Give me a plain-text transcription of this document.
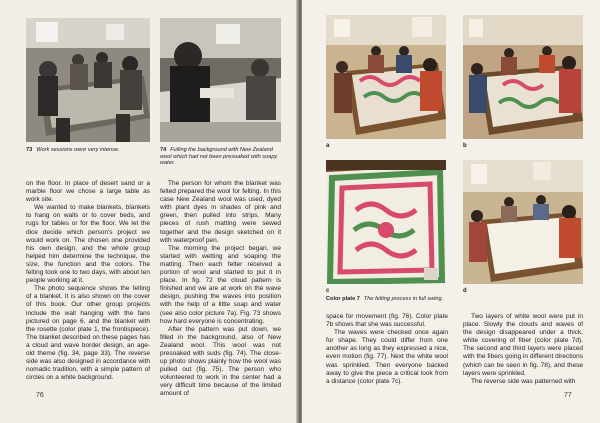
73 Work sessions were very intense.	74 Fulling the background with New Zealand wool which had not been presoaked with soapy water.

on the floor. In place of desert sand or a marble floor we chose a large table as work site.

We wanted to make blankets, blankets to hang on walls or to cover beds, and rugs for tables or for the floor. We let the dice decide which person's project we would work on. The chosen one provided his own design, and the whole group helped him determine the technique, the size, the function and the colors. The felting took one to two days, with about ten people working at it.

The photo sequence shows the felting of a blanket. It is also shown on the cover of this book. Our other group projects include the wall hanging with the fans pictured on page 6, and the blanket with the rosette (color plate 1, the frontispiece). The blanket described on these pages has a cloud and wave border design, an age-old theme (fig. 34, page 33). The reverse side was also designed in accordance with nomadic tradition, with a simple pattern of circles on a white background.

The person for whom the blanket was felted prepared the wool for felting. In this case New Zealand wool was used, dyed with plant dyes in shades of pink and green, then pulled into strips. Many pieces of rush matting were sewed together and the design sketched on it with waterproof pen.

The morning the project began, we started with wetting and soaping the matting. Then each felter received a portion of wool and started to put it in place. In fig. 72 the cloud pattern is finished and we are at work on the wave design, pushing the waves into position with the help of a little soap and water (see also color picture 7a). Fig. 73 shows how hard everyone is concentrating.

After the pattern was put down, we filled in the background, also of New Zealand wool. This wool was not presoaked with suds (fig. 74). The close-up photo shows plainly how the wool was pulled out (fig. 75). The person who volunteered to work in the center had a very difficult time because of the limited amount of

76
a	b
c
Color plate 7 The felting process in full swing.
d

space for movement (fig. 76). Color plate 7b shows that she was successful.

The waves were checked once again for shape. They could differ from one another as long as they expressed a nice, even motion (fig. 77). Next the white wool was sprinkled. Then everyone backed away to give the piece a critical look from a distance (color plate 7c).

Two layers of white wool were put in place. Slowly the clouds and waves of the design disappeared under a thick, white covering of fiber (color plate 7d). The second and third layers were placed with the fibers going in different directions (which can be seen in fig. 78), and these layers were sprinkled.

The reverse side was patterned with

77
